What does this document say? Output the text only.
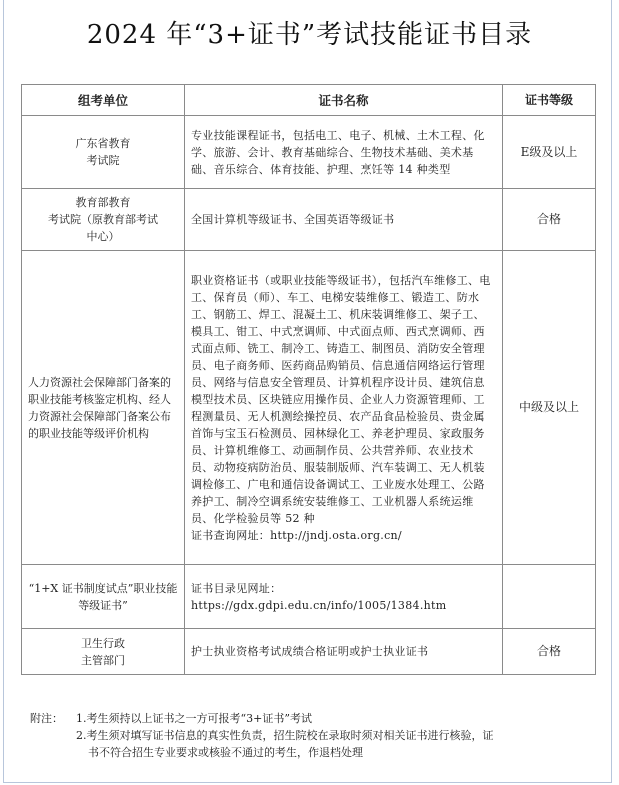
2024 年“3+证书”考试技能证书目录
组考单位	证书名称	证书等级
广东省教育
考试院	专业技能课程证书，包括电工、电子、机械、土木工程、化学、旅游、会计、教育基础综合、生物技术基础、美术基础、音乐综合、体育技能、护理、烹饪等 14 种类型	E级及以上
教育部教育
考试院（原教育部考试
中心）	全国计算机等级证书、全国英语等级证书	合格
人力资源社会保障部门备案的职业技能考核鉴定机构、经人力资源社会保障部门备案公布的职业技能等级评价机构	职业资格证书（或职业技能等级证书），包括汽车维修工、电工、保育员（师）、车工、电梯安装维修工、锻造工、防水工、钢筋工、焊工、混凝土工、机床装调维修工、架子工、模具工、钳工、中式烹调师、中式面点师、西式烹调师、西式面点师、铣工、制冷工、铸造工、制图员、消防安全管理员、电子商务师、医药商品购销员、信息通信网络运行管理员、网络与信息安全管理员、计算机程序设计员、建筑信息模型技术员、区块链应用操作员、企业人力资源管理师、工程测量员、无人机测绘操控员、农产品食品检验员、贵金属首饰与宝玉石检测员、园林绿化工、养老护理员、家政服务员、计算机维修工、动画制作员、公共营养师、农业技术员、动物疫病防治员、服装制版师、汽车装调工、无人机装调检修工、广电和通信设备调试工、工业废水处理工、公路养护工、制冷空调系统安装维修工、工业机器人系统运维员、化学检验员等 52 种
证书查询网址：http://jndj.osta.org.cn/	中级及以上
“1+X 证书制度试点”职业技能等级证书”	证书目录见网址：
https://gdx.gdpi.edu.cn/info/1005/1384.htm	

卫生行政
主管部门	护士执业资格考试成绩合格证明或护士执业证书	合格
附注：	1.考生须持以上证书之一方可报考“3+证书”考试
2.考生须对填写证书信息的真实性负责，招生院校在录取时须对相关证书进行核验，证
书不符合招生专业要求或核验不通过的考生，作退档处理
